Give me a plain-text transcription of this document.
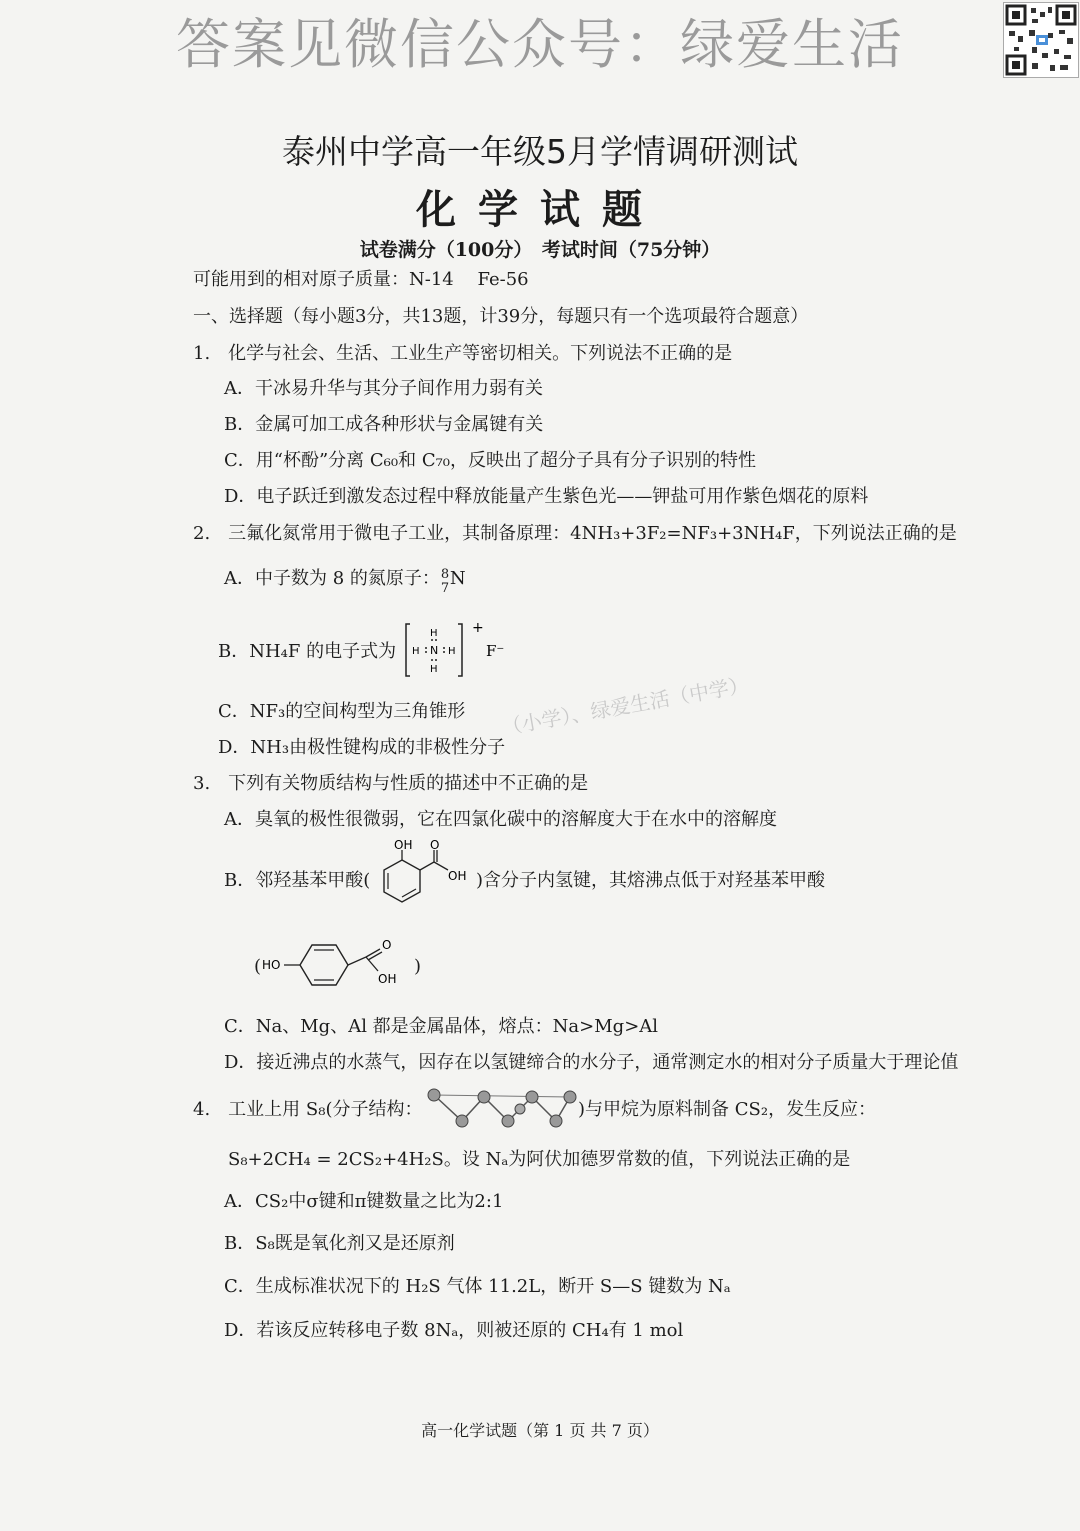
答案见微信公众号：绿爱生活
泰州中学高一年级5月学情调研测试
化学试题
试卷满分（100分）　考试时间（75分钟）
可能用到的相对原子质量：N-14　 Fe-56
一、选择题（每小题3分，共13题，计39分，每题只有一个选项最符合题意）
1.　化学与社会、生活、工业生产等密切相关。下列说法不正确的是
A．干冰易升华与其分子间作用力弱有关
B．金属可加工成各种形状与金属键有关
C．用“杯酚”分离 C₆₀和 C₇₀，反映出了超分子具有分子识别的特性
D．电子跃迁到激发态过程中释放能量产生紫色光——钾盐可用作紫色烟花的原料
2.　三氟化氮常用于微电子工业，其制备原理：4NH₃+3F₂=NF₃+3NH₄F，下列说法正确的是
A．中子数为 8 的氮原子： 8
7 N
B．NH₄F 的电子式为
H
H N H
H
+
F⁻
C．NF₃的空间构型为三角锥形
D．NH₃由极性键构成的非极性分子
（小学）、绿爱生活（中学）
3.　下列有关物质结构与性质的描述中不正确的是
A．臭氧的极性很微弱，它在四氯化碳中的溶解度大于在水中的溶解度
B．邻羟基苯甲酸(
OH O
OH )含分子内氢键，其熔沸点低于对羟基苯甲酸
( HO
O
OH
)
C．Na、Mg、Al 都是金属晶体，熔点：Na>Mg>Al
D．接近沸点的水蒸气，因存在以氢键缔合的水分子，通常测定水的相对分子质量大于理论值
4.　工业上用 S₈(分子结构：	)与甲烷为原料制备 CS₂，发生反应：
S₈+2CH₄ = 2CS₂+4H₂S。设 Nₐ为阿伏加德罗常数的值，下列说法正确的是
A．CS₂中σ键和π键数量之比为2:1
B．S₈既是氧化剂又是还原剂
C．生成标准状况下的 H₂S 气体 11.2L，断开 S—S 键数为 Nₐ
D．若该反应转移电子数 8Nₐ，则被还原的 CH₄有 1 mol
高一化学试题（第 1 页 共 7 页）
